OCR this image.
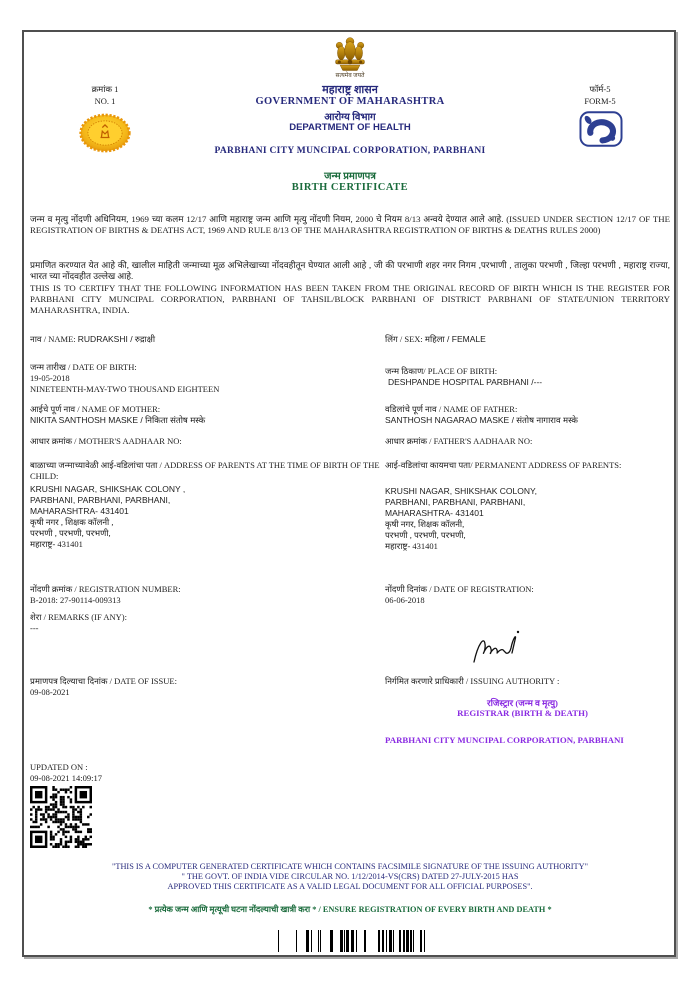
क्रमांक 1
NO. 1
फॉर्म-5
FORM-5
सत्यमेव जयते
महाराष्ट्र शासन
GOVERNMENT OF MAHARASHTRA
आरोग्य विभाग
DEPARTMENT OF HEALTH
PARBHANI CITY MUNCIPAL CORPORATION, PARBHANI
जन्म प्रमाणपत्र
BIRTH CERTIFICATE
जन्म व मृत्यु नोंदणी अधिनियम, 1969 च्या कलम 12/17 आणि महाराष्ट्र जन्म आणि मृत्यु नोंदणी नियम, 2000 चे नियम 8/13 अन्वये देण्यात आले आहे. (ISSUED UNDER SECTION 12/17 OF THE REGISTRATION OF BIRTHS & DEATHS ACT, 1969 AND RULE 8/13 OF THE MAHARASHTRA REGISTRATION OF BIRTHS & DEATHS RULES 2000)
प्रमाणित करण्यात येत आहे की, खालील माहिती जन्माच्या मूळ अभिलेखाच्या नोंदवहीतून घेण्यात आली आहे , जी की परभाणी शहर नगर निगम ,परभाणी , तालुका परभणी , जिल्हा परभणी , महाराष्ट्र राज्या, भारत च्या नोंदवहीत उल्लेख आहे.
THIS IS TO CERTIFY THAT THE FOLLOWING INFORMATION HAS BEEN TAKEN FROM THE ORIGINAL RECORD OF BIRTH WHICH IS THE REGISTER FOR PARBHANI CITY MUNCIPAL CORPORATION, PARBHANI OF TAHSIL/BLOCK PARBHANI OF DISTRICT PARBHANI OF STATE/UNION TERRITORY MAHARASHTRA, INDIA.
नाव / NAME: RUDRAKSHI / रुद्राक्षी	लिंग / SEX: महिला / FEMALE
जन्म तारीख / DATE OF BIRTH:
19-05-2018
NINETEENTH-MAY-TWO THOUSAND EIGHTEEN
जन्म ठिकाण/ PLACE OF BIRTH:
DESHPANDE HOSPITAL PARBHANI /---
आईचे पूर्ण नाव / NAME OF MOTHER:
NIKITA SANTHOSH MASKE / निकिता संतोष मस्के
वडिलांचे पूर्ण नाव / NAME OF FATHER:
SANTHOSH NAGARAO MASKE / संतोष नागाराव मस्के
आधार क्रमांक / MOTHER'S AADHAAR NO:	आधार क्रमांक / FATHER'S AADHAAR NO:
बाळाच्या जन्माच्यावेळी आई-वडिलांचा पता / ADDRESS OF PARENTS AT THE TIME OF BIRTH OF THE CHILD:
KRUSHI NAGAR, SHIKSHAK COLONY ,
PARBHANI, PARBHANI, PARBHANI,
MAHARASHTRA- 431401
कृषी नगर , शिक्षक कॉलनी ,
परभणी , परभणी, परभणी,
महाराष्ट्र- 431401
आई-वडिलांचा कायमचा पता/ PERMANENT ADDRESS OF PARENTS:
KRUSHI NAGAR, SHIKSHAK COLONY,
PARBHANI, PARBHANI, PARBHANI,
MAHARASHTRA- 431401
कृषी नगर, शिक्षक कॉलनी,
परभणी , परभणी, परभणी,
महाराष्ट्र- 431401
नोंदणी क्रमांक / REGISTRATION NUMBER:
B-2018: 27-90114-009313
नोंदणी दिनांक / DATE OF REGISTRATION:
06-06-2018
शेरा / REMARKS (IF ANY):
---
प्रमाणपत्र दिल्याचा दिनांक / DATE OF ISSUE:
09-08-2021
निर्गमित करणारे प्राधिकारी / ISSUING AUTHORITY :
रजिस्ट्रार (जन्म व मृत्यु)
REGISTRAR (BIRTH & DEATH)
PARBHANI CITY MUNCIPAL CORPORATION, PARBHANI
UPDATED ON :
09-08-2021 14:09:17
"THIS IS A COMPUTER GENERATED CERTIFICATE WHICH CONTAINS FACSIMILE SIGNATURE OF THE ISSUING AUTHORITY"
" THE GOVT. OF INDIA VIDE CIRCULAR NO. 1/12/2014-VS(CRS) DATED 27-JULY-2015 HAS
APPROVED THIS CERTIFICATE AS A VALID LEGAL DOCUMENT FOR ALL OFFICIAL PURPOSES".
* प्रत्येक जन्म आणि मृत्यूची घटना नोंदल्याची खात्री करा * / ENSURE REGISTRATION OF EVERY BIRTH AND DEATH *
